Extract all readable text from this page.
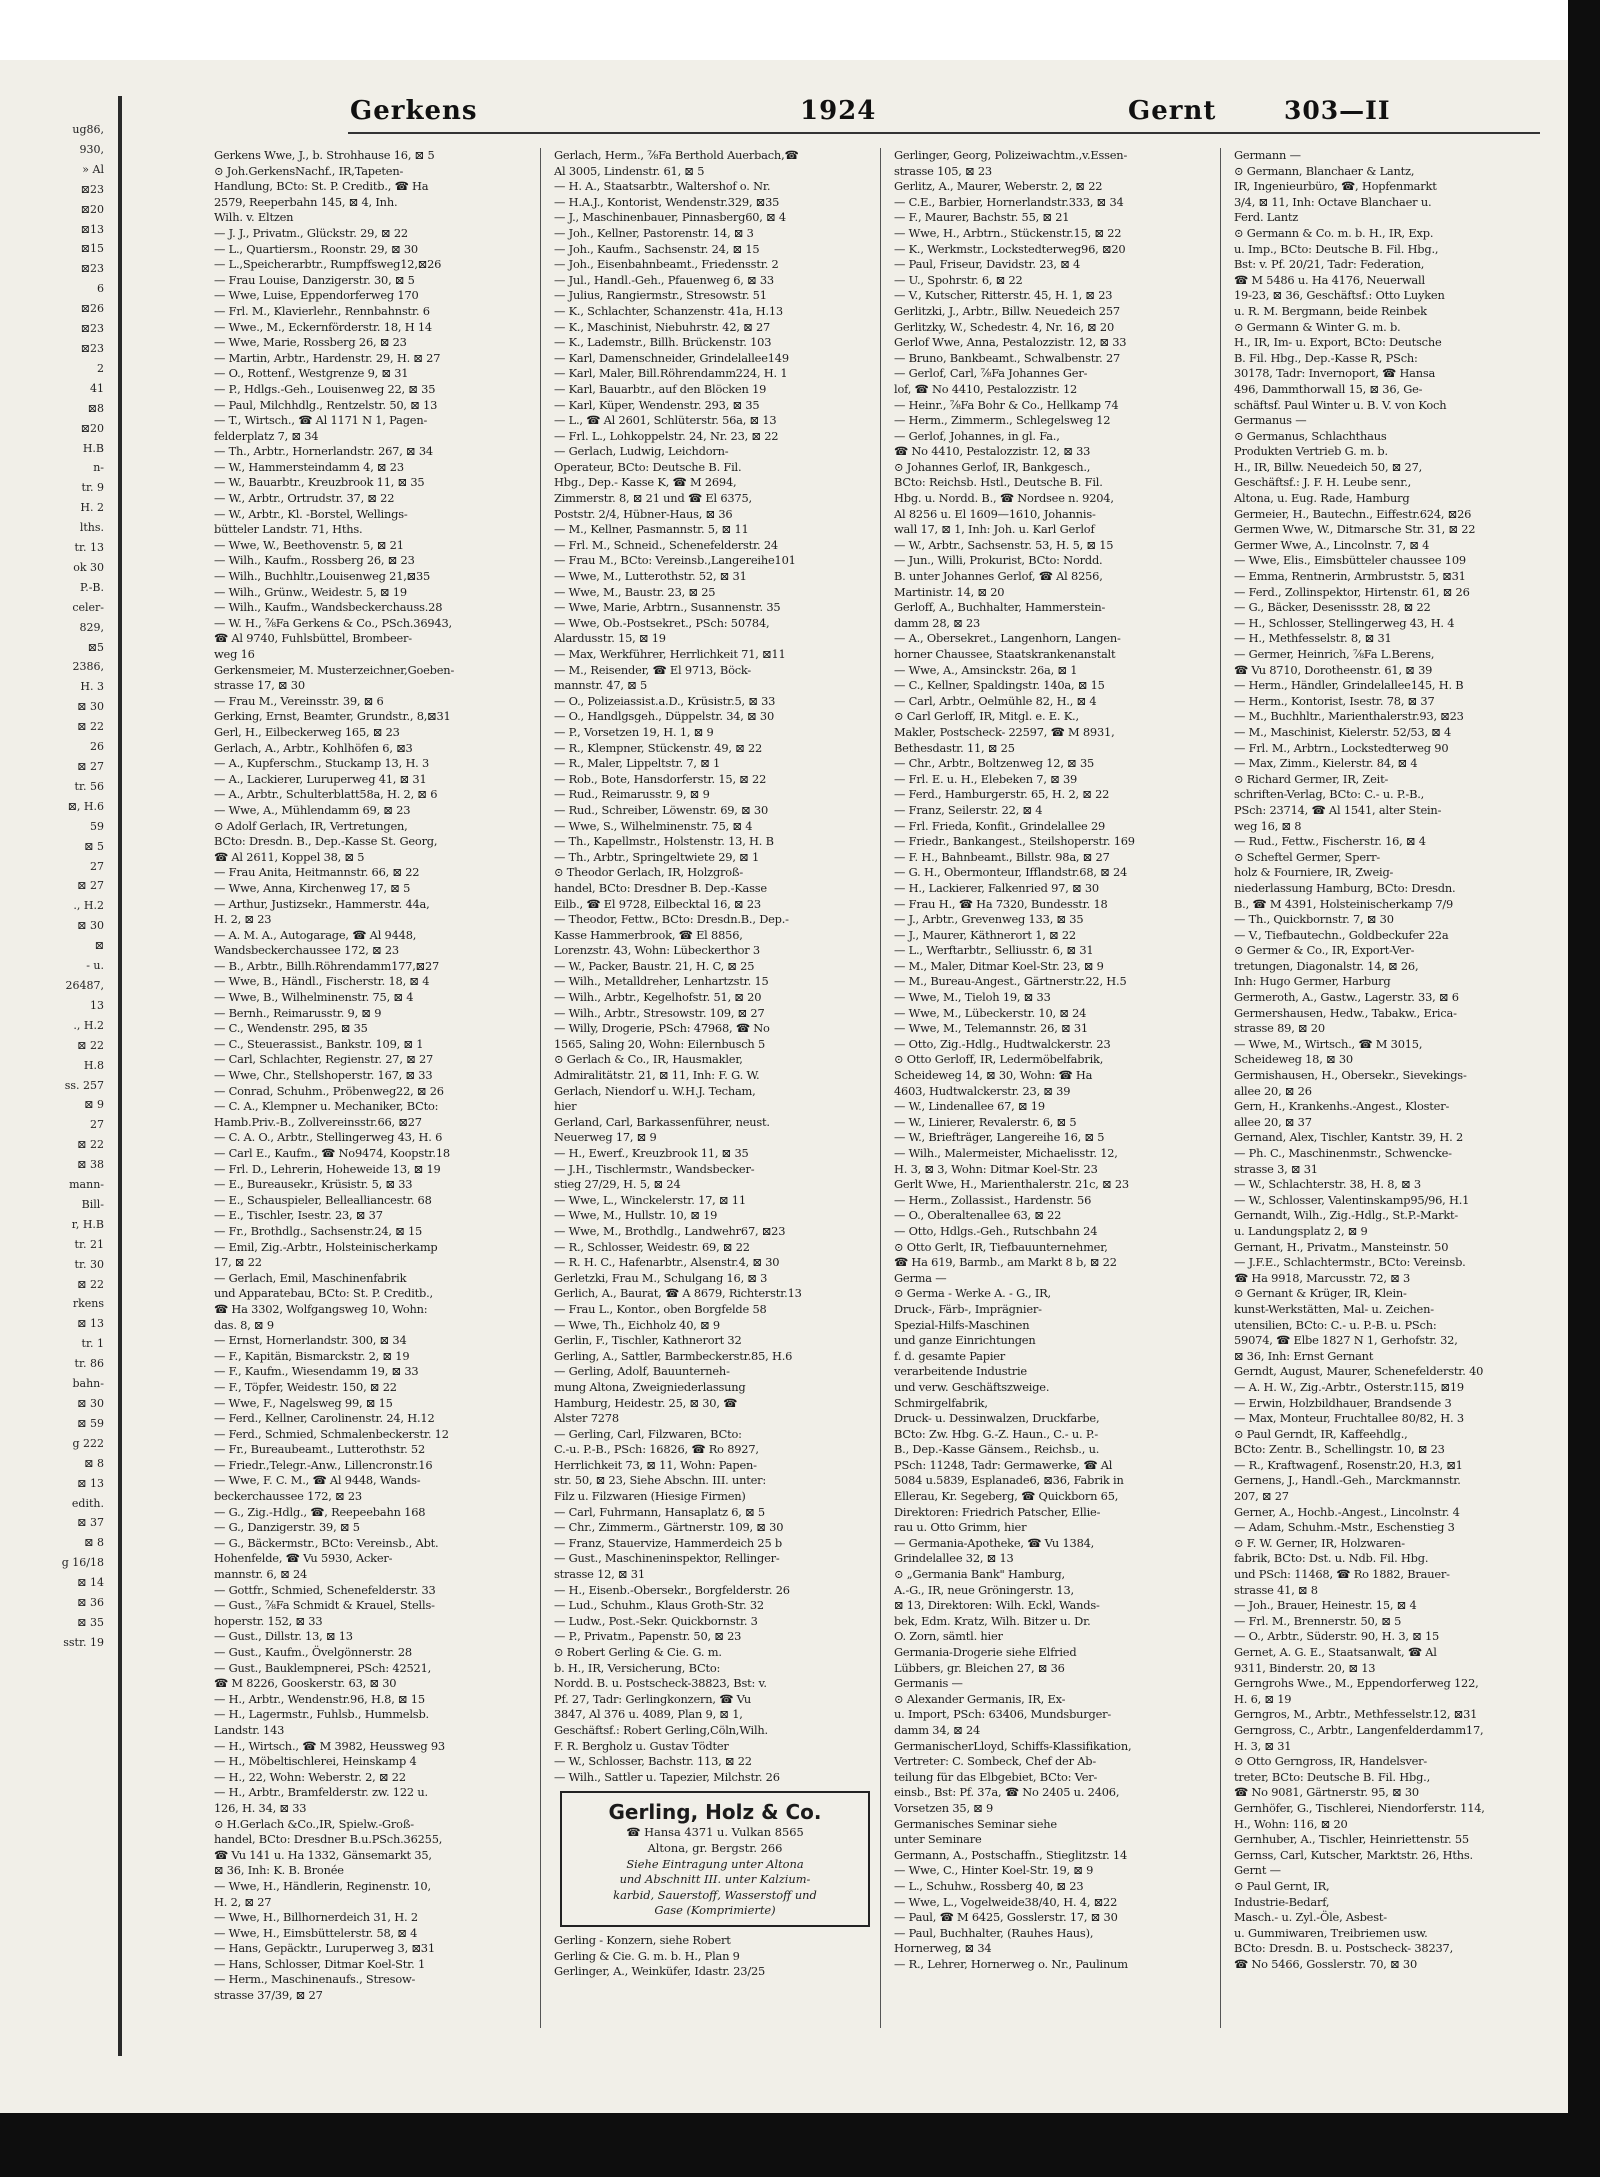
ug86,
930,
» Al
⊠23
⊠20
⊠13
⊠15
⊠23
6
⊠26
⊠23
⊠23
2
41
⊠8
⊠20
H.B
n-
tr. 9
H. 2
lths.
tr. 13
ok 30
P.-B.
celer-
829,
⊠5
2386,
H. 3
⊠ 30
⊠ 22
26
⊠ 27
tr. 56
⊠, H.6
59
⊠ 5
27
⊠ 27
., H.2
⊠ 30
⊠
- u.
26487,
13
., H.2
⊠ 22
H.8
ss. 257
⊠ 9
27
⊠ 22
⊠ 38
mann-
Bill-
r, H.B
tr. 21
tr. 30
⊠ 22
rkens
⊠ 13
tr. 1
tr. 86
bahn-
⊠ 30
⊠ 59
g 222
⊠ 8
⊠ 13
edith.
⊠ 37
⊠ 8
g 16/18
⊠ 14
⊠ 36
⊠ 35
sstr. 19
Gerkens	1924	Gernt	303—II
Gerkens Wwe, J., b. Strohhause 16, ⊠ 5
⊙ Joh.GerkensNachf., IR,Tapeten-
Handlung, BCto: St. P. Creditb., ☎ Ha
2579, Reeperbahn 145, ⊠ 4, Inh.
Wilh. v. Eltzen
— J. J., Privatm., Glückstr. 29, ⊠ 22
— L., Quartiersm., Roonstr. 29, ⊠ 30
— L.,Speicherarbtr., Rumpffsweg12,⊠26
— Frau Louise, Danzigerstr. 30, ⊠ 5
— Wwe, Luise, Eppendorferweg 170
— Frl. M., Klavierlehr., Rennbahnstr. 6
— Wwe., M., Eckernförderstr. 18, H 14
— Wwe, Marie, Rossberg 26, ⊠ 23
— Martin, Arbtr., Hardenstr. 29, H. ⊠ 27
— O., Rottenf., Westgrenze 9, ⊠ 31
— P., Hdlgs.-Geh., Louisenweg 22, ⊠ 35
— Paul, Milchhdlg., Rentzelstr. 50, ⊠ 13
— T., Wirtsch., ☎ Al 1171 N 1, Pagen-
felderplatz 7, ⊠ 34
— Th., Arbtr., Hornerlandstr. 267, ⊠ 34
— W., Hammersteindamm 4, ⊠ 23
— W., Bauarbtr., Kreuzbrook 11, ⊠ 35
— W., Arbtr., Ortrudstr. 37, ⊠ 22
— W., Arbtr., Kl. -Borstel, Wellings-
bütteler Landstr. 71, Hths.
— Wwe, W., Beethovenstr. 5, ⊠ 21
— Wilh., Kaufm., Rossberg 26, ⊠ 23
— Wilh., Buchhltr.,Louisenweg 21,⊠35
— Wilh., Grünw., Weidestr. 5, ⊠ 19
— Wilh., Kaufm., Wandsbeckerchauss.28
— W. H., ⅞Fa Gerkens & Co., PSch.36943,
☎ Al 9740, Fuhlsbüttel, Brombeer-
weg 16
Gerkensmeier, M. Musterzeichner,Goeben-
strasse 17, ⊠ 30
— Frau M., Vereinsstr. 39, ⊠ 6
Gerking, Ernst, Beamter, Grundstr., 8,⊠31
Gerl, H., Eilbeckerweg 165, ⊠ 23
Gerlach, A., Arbtr., Kohlhöfen 6, ⊠3
— A., Kupferschm., Stuckamp 13, H. 3
— A., Lackierer, Luruperweg 41, ⊠ 31
— A., Arbtr., Schulterblatt58a, H. 2, ⊠ 6
— Wwe, A., Mühlendamm 69, ⊠ 23
⊙ Adolf Gerlach, IR, Vertretungen,
BCto: Dresdn. B., Dep.-Kasse St. Georg,
☎ Al 2611, Koppel 38, ⊠ 5
— Frau Anita, Heitmannstr. 66, ⊠ 22
— Wwe, Anna, Kirchenweg 17, ⊠ 5
— Arthur, Justizsekr., Hammerstr. 44a,
H. 2, ⊠ 23
— A. M. A., Autogarage, ☎ Al 9448,
Wandsbeckerchaussee 172, ⊠ 23
— B., Arbtr., Billh.Röhrendamm177,⊠27
— Wwe, B., Händl., Fischerstr. 18, ⊠ 4
— Wwe, B., Wilhelminenstr. 75, ⊠ 4
— Bernh., Reimarusstr. 9, ⊠ 9
— C., Wendenstr. 295, ⊠ 35
— C., Steuerassist., Bankstr. 109, ⊠ 1
— Carl, Schlachter, Regienstr. 27, ⊠ 27
— Wwe, Chr., Stellshoperstr. 167, ⊠ 33
— Conrad, Schuhm., Pröbenweg22, ⊠ 26
— C. A., Klempner u. Mechaniker, BCto:
Hamb.Priv.-B., Zollvereinsstr.66, ⊠27
— C. A. O., Arbtr., Stellingerweg 43, H. 6
— Carl E., Kaufm., ☎ No9474, Koopstr.18
— Frl. D., Lehrerin, Hoheweide 13, ⊠ 19
— E., Bureausekr., Krüsistr. 5, ⊠ 33
— E., Schauspieler, Bellealliancestr. 68
— E., Tischler, Isestr. 23, ⊠ 37
— Fr., Brothdlg., Sachsenstr.24, ⊠ 15
— Emil, Zig.-Arbtr., Holsteinischerkamp
17, ⊠ 22
— Gerlach, Emil, Maschinenfabrik
und Apparatebau, BCto: St. P. Creditb.,
☎ Ha 3302, Wolfgangsweg 10, Wohn:
das. 8, ⊠ 9
— Ernst, Hornerlandstr. 300, ⊠ 34
— F., Kapitän, Bismarckstr. 2, ⊠ 19
— F., Kaufm., Wiesendamm 19, ⊠ 33
— F., Töpfer, Weidestr. 150, ⊠ 22
— Wwe, F., Nagelsweg 99, ⊠ 15
— Ferd., Kellner, Carolinenstr. 24, H.12
— Ferd., Schmied, Schmalenbeckerstr. 12
— Fr., Bureaubeamt., Lutterothstr. 52
— Friedr.,Telegr.-Anw., Lillencronstr.16
— Wwe, F. C. M., ☎ Al 9448, Wands-
beckerchaussee 172, ⊠ 23
— G., Zig.-Hdlg., ☎, Reepeebahn 168
— G., Danzigerstr. 39, ⊠ 5
— G., Bäckermstr., BCto: Vereinsb., Abt.
Hohenfelde, ☎ Vu 5930, Acker-
mannstr. 6, ⊠ 24
— Gottfr., Schmied, Schenefelderstr. 33
— Gust., ⅞Fa Schmidt & Krauel, Stells-
hoperstr. 152, ⊠ 33
— Gust., Dillstr. 13, ⊠ 13
— Gust., Kaufm., Övelgönnerstr. 28
— Gust., Bauklempnerei, PSch: 42521,
☎ M 8226, Gooskerstr. 63, ⊠ 30
— H., Arbtr., Wendenstr.96, H.8, ⊠ 15
— H., Lagermstr., Fuhlsb., Hummelsb.
Landstr. 143
— H., Wirtsch., ☎ M 3982, Heussweg 93
— H., Möbeltischlerei, Heinskamp 4
— H., 22, Wohn: Weberstr. 2, ⊠ 22
— H., Arbtr., Bramfelderstr. zw. 122 u.
126, H. 34, ⊠ 33
⊙ H.Gerlach &Co.,IR, Spielw.-Groß-
handel, BCto: Dresdner B.u.PSch.36255,
☎ Vu 141 u. Ha 1332, Gänsemarkt 35,
⊠ 36, Inh: K. B. Bronée
— Wwe, H., Händlerin, Reginenstr. 10,
H. 2, ⊠ 27
— Wwe, H., Billhornerdeich 31, H. 2
— Wwe, H., Eimsbüttelerstr. 58, ⊠ 4
— Hans, Gepäcktr., Luruperweg 3, ⊠31
— Hans, Schlosser, Ditmar Koel-Str. 1
— Herm., Maschinenaufs., Stresow-
strasse 37/39, ⊠ 27
Gerlach, Herm., ⅞Fa Berthold Auerbach,☎
Al 3005, Lindenstr. 61, ⊠ 5
— H. A., Staatsarbtr., Waltershof o. Nr.
— H.A.J., Kontorist, Wendenstr.329, ⊠35
— J., Maschinenbauer, Pinnasberg60, ⊠ 4
— Joh., Kellner, Pastorenstr. 14, ⊠ 3
— Joh., Kaufm., Sachsenstr. 24, ⊠ 15
— Joh., Eisenbahnbeamt., Friedensstr. 2
— Jul., Handl.-Geh., Pfauenweg 6, ⊠ 33
— Julius, Rangiermstr., Stresowstr. 51
— K., Schlachter, Schanzenstr. 41a, H.13
— K., Maschinist, Niebuhrstr. 42, ⊠ 27
— K., Lademstr., Billh. Brückenstr. 103
— Karl, Damenschneider, Grindelallee149
— Karl, Maler, Bill.Röhrendamm224, H. 1
— Karl, Bauarbtr., auf den Blöcken 19
— Karl, Küper, Wendenstr. 293, ⊠ 35
— L., ☎ Al 2601, Schlüterstr. 56a, ⊠ 13
— Frl. L., Lohkoppelstr. 24, Nr. 23, ⊠ 22
— Gerlach, Ludwig, Leichdorn-
Operateur, BCto: Deutsche B. Fil.
Hbg., Dep.- Kasse K, ☎ M 2694,
Zimmerstr. 8, ⊠ 21 und ☎ El 6375,
Poststr. 2/4, Hübner-Haus, ⊠ 36
— M., Kellner, Pasmannstr. 5, ⊠ 11
— Frl. M., Schneid., Schenefelderstr. 24
— Frau M., BCto: Vereinsb.,Langereihe101
— Wwe, M., Lutterothstr. 52, ⊠ 31
— Wwe, M., Baustr. 23, ⊠ 25
— Wwe, Marie, Arbtrn., Susannenstr. 35
— Wwe, Ob.-Postsekret., PSch: 50784,
Alardusstr. 15, ⊠ 19
— Max, Werkführer, Herrlichkeit 71, ⊠11
— M., Reisender, ☎ El 9713, Böck-
mannstr. 47, ⊠ 5
— O., Polizeiassist.a.D., Krüsistr.5, ⊠ 33
— O., Handlgsgeh., Düppelstr. 34, ⊠ 30
— P., Vorsetzen 19, H. 1, ⊠ 9
— R., Klempner, Stückenstr. 49, ⊠ 22
— R., Maler, Lippeltstr. 7, ⊠ 1
— Rob., Bote, Hansdorferstr. 15, ⊠ 22
— Rud., Reimarusstr. 9, ⊠ 9
— Rud., Schreiber, Löwenstr. 69, ⊠ 30
— Wwe, S., Wilhelminenstr. 75, ⊠ 4
— Th., Kapellmstr., Holstenstr. 13, H. B
— Th., Arbtr., Springeltwiete 29, ⊠ 1
⊙ Theodor Gerlach, IR, Holzgroß-
handel, BCto: Dresdner B. Dep.-Kasse
Eilb., ☎ El 9728, Eilbecktal 16, ⊠ 23
— Theodor, Fettw., BCto: Dresdn.B., Dep.-
Kasse Hammerbrook, ☎ El 8856,
Lorenzstr. 43, Wohn: Lübeckerthor 3
— W., Packer, Baustr. 21, H. C, ⊠ 25
— Wilh., Metalldreher, Lenhartzstr. 15
— Wilh., Arbtr., Kegelhofstr. 51, ⊠ 20
— Wilh., Arbtr., Stresowstr. 109, ⊠ 27
— Willy, Drogerie, PSch: 47968, ☎ No
1565, Saling 20, Wohn: Eilernbusch 5
⊙ Gerlach & Co., IR, Hausmakler,
Admiralitätstr. 21, ⊠ 11, Inh: F. G. W.
Gerlach, Niendorf u. W.H.J. Techam,
hier
Gerland, Carl, Barkassenführer, neust.
Neuerweg 17, ⊠ 9
— H., Ewerf., Kreuzbrook 11, ⊠ 35
— J.H., Tischlermstr., Wandsbecker-
stieg 27/29, H. 5, ⊠ 24
— Wwe, L., Winckelerstr. 17, ⊠ 11
— Wwe, M., Hullstr. 10, ⊠ 19
— Wwe, M., Brothdlg., Landwehr67, ⊠23
— R., Schlosser, Weidestr. 69, ⊠ 22
— R. H. C., Hafenarbtr., Alsenstr.4, ⊠ 30
Gerletzki, Frau M., Schulgang 16, ⊠ 3
Gerlich, A., Baurat, ☎ A 8679, Richterstr.13
— Frau L., Kontor., oben Borgfelde 58
— Wwe, Th., Eichholz 40, ⊠ 9
Gerlin, F., Tischler, Kathnerort 32
Gerling, A., Sattler, Barmbeckerstr.85, H.6
— Gerling, Adolf, Bauunterneh-
mung Altona, Zweigniederlassung
Hamburg, Heidestr. 25, ⊠ 30, ☎
Alster 7278
— Gerling, Carl, Filzwaren, BCto:
C.-u. P.-B., PSch: 16826, ☎ Ro 8927,
Herrlichkeit 73, ⊠ 11, Wohn: Papen-
str. 50, ⊠ 23, Siehe Abschn. III. unter:
Filz u. Filzwaren (Hiesige Firmen)
— Carl, Fuhrmann, Hansaplatz 6, ⊠ 5
— Chr., Zimmerm., Gärtnerstr. 109, ⊠ 30
— Franz, Stauervize, Hammerdeich 25 b
— Gust., Maschineninspektor, Rellinger-
strasse 12, ⊠ 31
— H., Eisenb.-Obersekr., Borgfelderstr. 26
— Lud., Schuhm., Klaus Groth-Str. 32
— Ludw., Post.-Sekr. Quickbornstr. 3
— P., Privatm., Papenstr. 50, ⊠ 23
⊙ Robert Gerling & Cie. G. m.
b. H., IR, Versicherung, BCto:
Nordd. B. u. Postscheck-38823, Bst: v.
Pf. 27, Tadr: Gerlingkonzern, ☎ Vu
3847, Al 376 u. 4089, Plan 9, ⊠ 1,
Geschäftsf.: Robert Gerling,Cöln,Wilh.
F. R. Bergholz u. Gustav Tödter
— W., Schlosser, Bachstr. 113, ⊠ 22
— Wilh., Sattler u. Tapezier, Milchstr. 26
Gerling, Holz & Co.
☎ Hansa 4371 u. Vulkan 8565
Altona, gr. Bergstr. 266
Siehe Eintragung unter Altona
und Abschnitt III. unter Kalzium-
karbid, Sauerstoff, Wasserstoff und
Gase (Komprimierte)
Gerling - Konzern, siehe Robert
Gerling & Cie. G. m. b. H., Plan 9
Gerlinger, A., Weinküfer, Idastr. 23/25
Gerlinger, Georg, Polizeiwachtm.,v.Essen-
strasse 105, ⊠ 23
Gerlitz, A., Maurer, Weberstr. 2, ⊠ 22
— C.E., Barbier, Hornerlandstr.333, ⊠ 34
— F., Maurer, Bachstr. 55, ⊠ 21
— Wwe, H., Arbtrn., Stückenstr.15, ⊠ 22
— K., Werkmstr., Lockstedterweg96, ⊠20
— Paul, Friseur, Davidstr. 23, ⊠ 4
— U., Spohrstr. 6, ⊠ 22
— V., Kutscher, Ritterstr. 45, H. 1, ⊠ 23
Gerlitzki, J., Arbtr., Billw. Neuedeich 257
Gerlitzky, W., Schedestr. 4, Nr. 16, ⊠ 20
Gerlof Wwe, Anna, Pestalozzistr. 12, ⊠ 33
— Bruno, Bankbeamt., Schwalbenstr. 27
— Gerlof, Carl, ⅞Fa Johannes Ger-
lof, ☎ No 4410, Pestalozzistr. 12
— Heinr., ⅞Fa Bohr & Co., Hellkamp 74
— Herm., Zimmerm., Schlegelsweg 12
— Gerlof, Johannes, in gl. Fa.,
☎ No 4410, Pestalozzistr. 12, ⊠ 33
⊙ Johannes Gerlof, IR, Bankgesch.,
BCto: Reichsb. Hstl., Deutsche B. Fil.
Hbg. u. Nordd. B., ☎ Nordsee n. 9204,
Al 8256 u. El 1609—1610, Johannis-
wall 17, ⊠ 1, Inh: Joh. u. Karl Gerlof
— W., Arbtr., Sachsenstr. 53, H. 5, ⊠ 15
— Jun., Willi, Prokurist, BCto: Nordd.
B. unter Johannes Gerlof, ☎ Al 8256,
Martinistr. 14, ⊠ 20
Gerloff, A., Buchhalter, Hammerstein-
damm 28, ⊠ 23
— A., Obersekret., Langenhorn, Langen-
horner Chaussee, Staatskrankenanstalt
— Wwe, A., Amsinckstr. 26a, ⊠ 1
— C., Kellner, Spaldingstr. 140a, ⊠ 15
— Carl, Arbtr., Oelmühle 82, H., ⊠ 4
⊙ Carl Gerloff, IR, Mitgl. e. E. K.,
Makler, Postscheck- 22597, ☎ M 8931,
Bethesdastr. 11, ⊠ 25
— Chr., Arbtr., Boltzenweg 12, ⊠ 35
— Frl. E. u. H., Elebeken 7, ⊠ 39
— Ferd., Hamburgerstr. 65, H. 2, ⊠ 22
— Franz, Seilerstr. 22, ⊠ 4
— Frl. Frieda, Konfit., Grindelallee 29
— Friedr., Bankangest., Steilshoperstr. 169
— F. H., Bahnbeamt., Billstr. 98a, ⊠ 27
— G. H., Obermonteur, Ifflandstr.68, ⊠ 24
— H., Lackierer, Falkenried 97, ⊠ 30
— Frau H., ☎ Ha 7320, Bundesstr. 18
— J., Arbtr., Grevenweg 133, ⊠ 35
— J., Maurer, Käthnerort 1, ⊠ 22
— L., Werftarbtr., Selliusstr. 6, ⊠ 31
— M., Maler, Ditmar Koel-Str. 23, ⊠ 9
— M., Bureau-Angest., Gärtnerstr.22, H.5
— Wwe, M., Tieloh 19, ⊠ 33
— Wwe, M., Lübeckerstr. 10, ⊠ 24
— Wwe, M., Telemannstr. 26, ⊠ 31
— Otto, Zig.-Hdlg., Hudtwalckerstr. 23
⊙ Otto Gerloff, IR, Ledermöbelfabrik,
Scheideweg 14, ⊠ 30, Wohn: ☎ Ha
4603, Hudtwalckerstr. 23, ⊠ 39
— W., Lindenallee 67, ⊠ 19
— W., Linierer, Revalerstr. 6, ⊠ 5
— W., Briefträger, Langereihe 16, ⊠ 5
— Wilh., Malermeister, Michaelisstr. 12,
H. 3, ⊠ 3, Wohn: Ditmar Koel-Str. 23
Gerlt Wwe, H., Marienthalerstr. 21c, ⊠ 23
— Herm., Zollassist., Hardenstr. 56
— O., Oberaltenallee 63, ⊠ 22
— Otto, Hdlgs.-Geh., Rutschbahn 24
⊙ Otto Gerlt, IR, Tiefbauunternehmer,
☎ Ha 619, Barmb., am Markt 8 b, ⊠ 22
Germa —
⊙ Germa - Werke A. - G., IR,
Druck-, Färb-, Imprägnier-
Spezial-Hilfs-Maschinen
und ganze Einrichtungen
f. d. gesamte Papier
verarbeitende Industrie
und verw. Geschäftszweige.
Schmirgelfabrik,
Druck- u. Dessinwalzen, Druckfarbe,
BCto: Zw. Hbg. G.-Z. Haun., C.- u. P.-
B., Dep.-Kasse Gänsem., Reichsb., u.
PSch: 11248, Tadr: Germawerke, ☎ Al
5084 u.5839, Esplanade6, ⊠36, Fabrik in
Ellerau, Kr. Segeberg, ☎ Quickborn 65,
Direktoren: Friedrich Patscher, Ellie-
rau u. Otto Grimm, hier
— Germania-Apotheke, ☎ Vu 1384,
Grindelallee 32, ⊠ 13
⊙ „Germania Bank" Hamburg,
A.-G., IR, neue Gröningerstr. 13,
⊠ 13, Direktoren: Wilh. Eckl, Wands-
bek, Edm. Kratz, Wilh. Bitzer u. Dr.
O. Zorn, sämtl. hier
Germania-Drogerie siehe Elfried
Lübbers, gr. Bleichen 27, ⊠ 36
Germanis —
⊙ Alexander Germanis, IR, Ex-
u. Import, PSch: 63406, Mundsburger-
damm 34, ⊠ 24
GermanischerLloyd, Schiffs-Klassifikation,
Vertreter: C. Sombeck, Chef der Ab-
teilung für das Elbgebiet, BCto: Ver-
einsb., Bst: Pf. 37a, ☎ No 2405 u. 2406,
Vorsetzen 35, ⊠ 9
Germanisches Seminar siehe
unter Seminare
Germann, A., Postschaffn., Stieglitzstr. 14
— Wwe, C., Hinter Koel-Str. 19, ⊠ 9
— L., Schuhw., Rossberg 40, ⊠ 23
— Wwe, L., Vogelweide38/40, H. 4, ⊠22
— Paul, ☎ M 6425, Gosslerstr. 17, ⊠ 30
— Paul, Buchhalter, (Rauhes Haus),
Hornerweg, ⊠ 34
— R., Lehrer, Hornerweg o. Nr., Paulinum
Germann —
⊙ Germann, Blanchaer & Lantz,
IR, Ingenieurbüro, ☎, Hopfenmarkt
3/4, ⊠ 11, Inh: Octave Blanchaer u.
Ferd. Lantz
⊙ Germann & Co. m. b. H., IR, Exp.
u. Imp., BCto: Deutsche B. Fil. Hbg.,
Bst: v. Pf. 20/21, Tadr: Federation,
☎ M 5486 u. Ha 4176, Neuerwall
19-23, ⊠ 36, Geschäftsf.: Otto Luyken
u. R. M. Bergmann, beide Reinbek
⊙ Germann & Winter G. m. b.
H., IR, Im- u. Export, BCto: Deutsche
B. Fil. Hbg., Dep.-Kasse R, PSch:
30178, Tadr: Invernoport, ☎ Hansa
496, Dammthorwall 15, ⊠ 36, Ge-
schäftsf. Paul Winter u. B. V. von Koch
Germanus —
⊙ Germanus, Schlachthaus
Produkten Vertrieb G. m. b.
H., IR, Billw. Neuedeich 50, ⊠ 27,
Geschäftsf.: J. F. H. Leube senr.,
Altona, u. Eug. Rade, Hamburg
Germeier, H., Bautechn., Eiffestr.624, ⊠26
Germen Wwe, W., Ditmarsche Str. 31, ⊠ 22
Germer Wwe, A., Lincolnstr. 7, ⊠ 4
— Wwe, Elis., Eimsbütteler chaussee 109
— Emma, Rentnerin, Armbruststr. 5, ⊠31
— Ferd., Zollinspektor, Hirtenstr. 61, ⊠ 26
— G., Bäcker, Desenissstr. 28, ⊠ 22
— H., Schlosser, Stellingerweg 43, H. 4
— H., Methfesselstr. 8, ⊠ 31
— Germer, Heinrich, ⅞Fa L.Berens,
☎ Vu 8710, Dorotheenstr. 61, ⊠ 39
— Herm., Händler, Grindelallee145, H. B
— Herm., Kontorist, Isestr. 78, ⊠ 37
— M., Buchhltr., Marienthalerstr.93, ⊠23
— M., Maschinist, Kielerstr. 52/53, ⊠ 4
— Frl. M., Arbtrn., Lockstedterweg 90
— Max, Zimm., Kielerstr. 84, ⊠ 4
⊙ Richard Germer, IR, Zeit-
schriften-Verlag, BCto: C.- u. P.-B.,
PSch: 23714, ☎ Al 1541, alter Stein-
weg 16, ⊠ 8
— Rud., Fettw., Fischerstr. 16, ⊠ 4
⊙ Scheftel Germer, Sperr-
holz & Fourniere, IR, Zweig-
niederlassung Hamburg, BCto: Dresdn.
B., ☎ M 4391, Holsteinischerkamp 7/9
— Th., Quickbornstr. 7, ⊠ 30
— V., Tiefbautechn., Goldbeckufer 22a
⊙ Germer & Co., IR, Export-Ver-
tretungen, Diagonalstr. 14, ⊠ 26,
Inh: Hugo Germer, Harburg
Germeroth, A., Gastw., Lagerstr. 33, ⊠ 6
Germershausen, Hedw., Tabakw., Erica-
strasse 89, ⊠ 20
— Wwe, M., Wirtsch., ☎ M 3015,
Scheideweg 18, ⊠ 30
Germishausen, H., Obersekr., Sievekings-
allee 20, ⊠ 26
Gern, H., Krankenhs.-Angest., Kloster-
allee 20, ⊠ 37
Gernand, Alex, Tischler, Kantstr. 39, H. 2
— Ph. C., Maschinenmstr., Schwencke-
strasse 3, ⊠ 31
— W., Schlachterstr. 38, H. 8, ⊠ 3
— W., Schlosser, Valentinskamp95/96, H.1
Gernandt, Wilh., Zig.-Hdlg., St.P.-Markt-
u. Landungsplatz 2, ⊠ 9
Gernant, H., Privatm., Mansteinstr. 50
— J.F.E., Schlachtermstr., BCto: Vereinsb.
☎ Ha 9918, Marcusstr. 72, ⊠ 3
⊙ Gernant & Krüger, IR, Klein-
kunst-Werkstätten, Mal- u. Zeichen-
utensilien, BCto: C.- u. P.-B. u. PSch:
59074, ☎ Elbe 1827 N 1, Gerhofstr. 32,
⊠ 36, Inh: Ernst Gernant
Gerndt, August, Maurer, Schenefelderstr. 40
— A. H. W., Zig.-Arbtr., Osterstr.115, ⊠19
— Erwin, Holzbildhauer, Brandsende 3
— Max, Monteur, Fruchtallee 80/82, H. 3
⊙ Paul Gerndt, IR, Kaffeehdlg.,
BCto: Zentr. B., Schellingstr. 10, ⊠ 23
— R., Kraftwagenf., Rosenstr.20, H.3, ⊠1
Gernens, J., Handl.-Geh., Marckmannstr.
207, ⊠ 27
Gerner, A., Hochb.-Angest., Lincolnstr. 4
— Adam, Schuhm.-Mstr., Eschenstieg 3
⊙ F. W. Gerner, IR, Holzwaren-
fabrik, BCto: Dst. u. Ndb. Fil. Hbg.
und PSch: 11468, ☎ Ro 1882, Brauer-
strasse 41, ⊠ 8
— Joh., Brauer, Heinestr. 15, ⊠ 4
— Frl. M., Brennerstr. 50, ⊠ 5
— O., Arbtr., Süderstr. 90, H. 3, ⊠ 15
Gernet, A. G. E., Staatsanwalt, ☎ Al
9311, Binderstr. 20, ⊠ 13
Gerngrohs Wwe., M., Eppendorferweg 122,
H. 6, ⊠ 19
Gerngros, M., Arbtr., Methfesselstr.12, ⊠31
Gerngross, C., Arbtr., Langenfelderdamm17,
H. 3, ⊠ 31
⊙ Otto Gerngross, IR, Handelsver-
treter, BCto: Deutsche B. Fil. Hbg.,
☎ No 9081, Gärtnerstr. 95, ⊠ 30
Gernhöfer, G., Tischlerei, Niendorferstr. 114,
H., Wohn: 116, ⊠ 20
Gernhuber, A., Tischler, Heinriettenstr. 55
Gernss, Carl, Kutscher, Marktstr. 26, Hths.
Gernt —
⊙ Paul Gernt, IR,
Industrie-Bedarf,
Masch.- u. Zyl.-Öle, Asbest-
u. Gummiwaren, Treibriemen usw.
BCto: Dresdn. B. u. Postscheck- 38237,
☎ No 5466, Gosslerstr. 70, ⊠ 30
